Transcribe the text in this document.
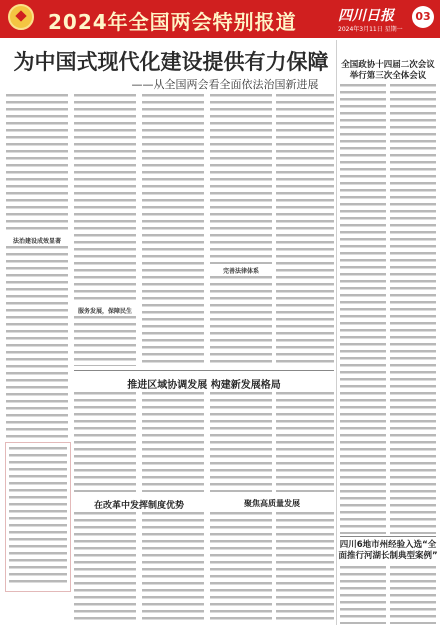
2024年全国两会特别报道	四川日报
2024年3月11日 星期一
03
为中国式现代化建设提供有力保障
——从全国两会看全面依法治国新进展
法治建设成效显著
服务发展，保障民生
完善法律体系
推进区域协调发展 构建新发展格局
在改革中发挥制度优势	聚焦高质量发展
全国政协十四届二次会议举行第三次全体会议
四川6地市州经验入选“全面推行河湖长制典型案例”
